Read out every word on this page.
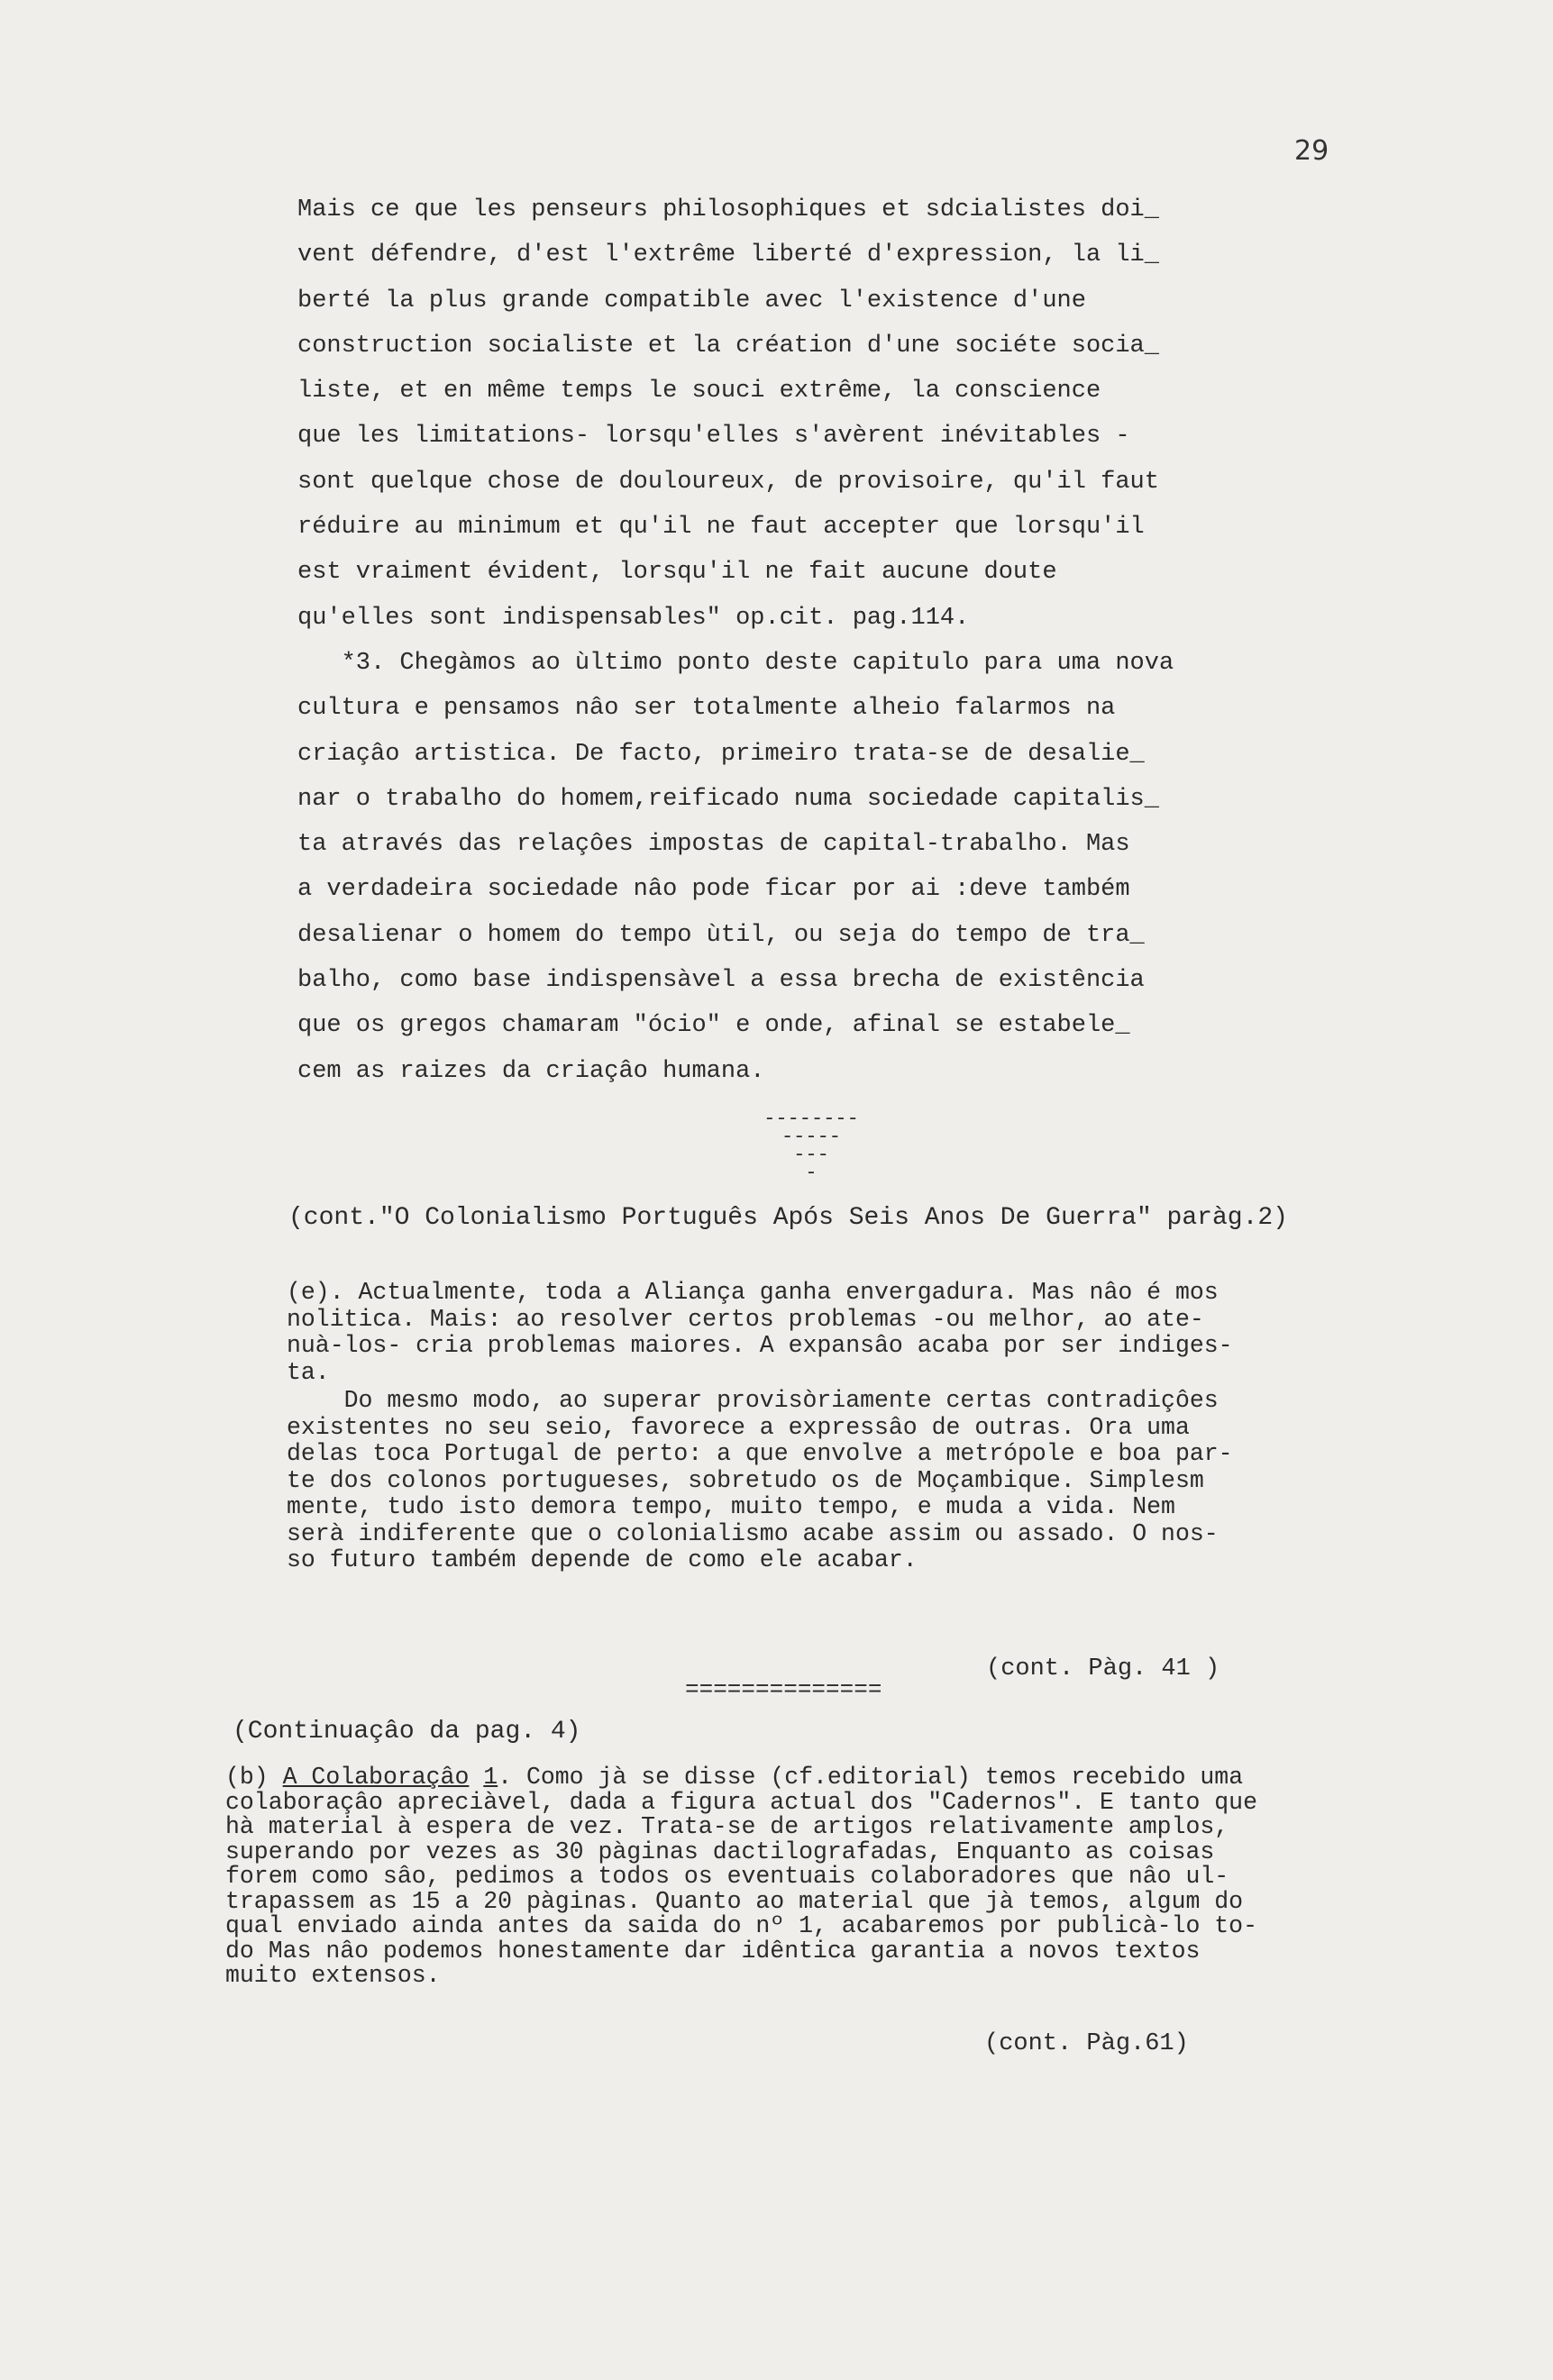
29
Mais ce que les penseurs philosophiques et sdcialistes doi_
vent défendre, d'est l'extrême liberté d'expression, la li_
berté la plus grande compatible avec l'existence d'une
construction socialiste et la création d'une sociéte socia_
liste, et en même temps le souci extrême, la conscience
que les limitations- lorsqu'elles s'avèrent inévitables -
sont quelque chose de douloureux, de provisoire, qu'il faut
réduire au minimum et qu'il ne faut accepter que lorsqu'il
est vraiment évident, lorsqu'il ne fait aucune doute
qu'elles sont indispensables" op.cit. pag.114.
*3. Chegàmos ao ùltimo ponto deste capitulo para uma nova
cultura e pensamos nâo ser totalmente alheio falarmos na
criaçâo artistica. De facto, primeiro trata-se de desalie_
nar o trabalho do homem,reificado numa sociedade capitalis_
ta através das relaçôes impostas de capital-trabalho. Mas
a verdadeira sociedade nâo pode ficar por ai :deve também
desalienar o homem do tempo ùtil, ou seja do tempo de tra_
balho, como base indispensàvel a essa brecha de existência
que os gregos chamaram "ócio" e onde, afinal se estabele_
cem as raizes da criaçâo humana.
--------
-----
---
-
(cont."O Colonialismo Português Após Seis Anos De Guerra" paràg.2)
(e). Actualmente, toda a Aliança ganha envergadura. Mas nâo é mos
nolitica. Mais: ao resolver certos problemas -ou melhor, ao ate-
nuà-los- cria problemas maiores. A expansâo acaba por ser indiges-
ta.
Do mesmo modo, ao superar provisòriamente certas contradiçôes
existentes no seu seio, favorece a expressâo de outras. Ora uma
delas toca Portugal de perto: a que envolve a metrópole e boa par-
te dos colonos portugueses, sobretudo os de Moçambique. Simplesm
mente, tudo isto demora tempo, muito tempo, e muda a vida. Nem
serà indiferente que o colonialismo acabe assim ou assado. O nos-
so futuro também depende de como ele acabar.
(cont. Pàg. 41 )
==============
(Continuaçâo da pag. 4)
(b) A Colaboraçâo 1. Como jà se disse (cf.editorial) temos recebido uma
colaboraçâo apreciàvel, dada a figura actual dos "Cadernos". E tanto que
hà material à espera de vez. Trata-se de artigos relativamente amplos,
superando por vezes as 30 pàginas dactilografadas, Enquanto as coisas
forem como sâo, pedimos a todos os eventuais colaboradores que nâo ul-
trapassem as 15 a 20 pàginas. Quanto ao material que jà temos, algum do
qual enviado ainda antes da saida do nº 1, acabaremos por publicà-lo to-
do Mas nâo podemos honestamente dar idêntica garantia a novos textos
muito extensos.
(cont. Pàg.61)
